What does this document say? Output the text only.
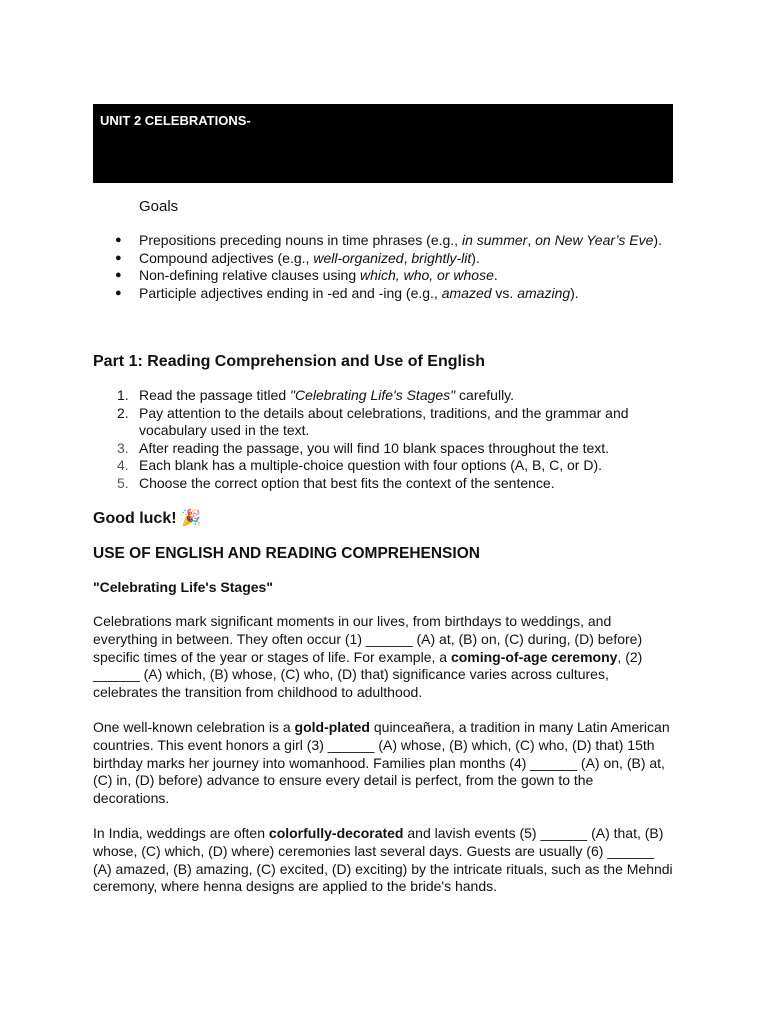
UNIT 2 CELEBRATIONS-
Goals
● Prepositions preceding nouns in time phrases (e.g., in summer, on New Year’s Eve).
● Compound adjectives (e.g., well-organized, brightly-lit).
● Non-defining relative clauses using which, who, or whose.
● Participle adjectives ending in -ed and -ing (e.g., amazed vs. amazing).
Part 1: Reading Comprehension and Use of English
1. Read the passage titled "Celebrating Life's Stages" carefully.
2. Pay attention to the details about celebrations, traditions, and the grammar and vocabulary used in the text.
3. After reading the passage, you will find 10 blank spaces throughout the text.
4. Each blank has a multiple-choice question with four options (A, B, C, or D).
5. Choose the correct option that best fits the context of the sentence.
Good luck! 🎉
USE OF ENGLISH AND READING COMPREHENSION
"Celebrating Life's Stages"

Celebrations mark significant moments in our lives, from birthdays to weddings, and everything in between. They often occur (1) ______ (A) at, (B) on, (C) during, (D) before) specific times of the year or stages of life. For example, a coming-of-age ceremony, (2) ______ (A) which, (B) whose, (C) who, (D) that) significance varies across cultures, celebrates the transition from childhood to adulthood.

One well-known celebration is a gold-plated quinceañera, a tradition in many Latin American countries. This event honors a girl (3) ______ (A) whose, (B) which, (C) who, (D) that) 15th birthday marks her journey into womanhood. Families plan months (4) ______ (A) on, (B) at, (C) in, (D) before) advance to ensure every detail is perfect, from the gown to the decorations.

In India, weddings are often colorfully-decorated and lavish events (5) ______ (A) that, (B) whose, (C) which, (D) where) ceremonies last several days. Guests are usually (6) ______ (A) amazed, (B) amazing, (C) excited, (D) exciting) by the intricate rituals, such as the Mehndi ceremony, where henna designs are applied to the bride's hands.
